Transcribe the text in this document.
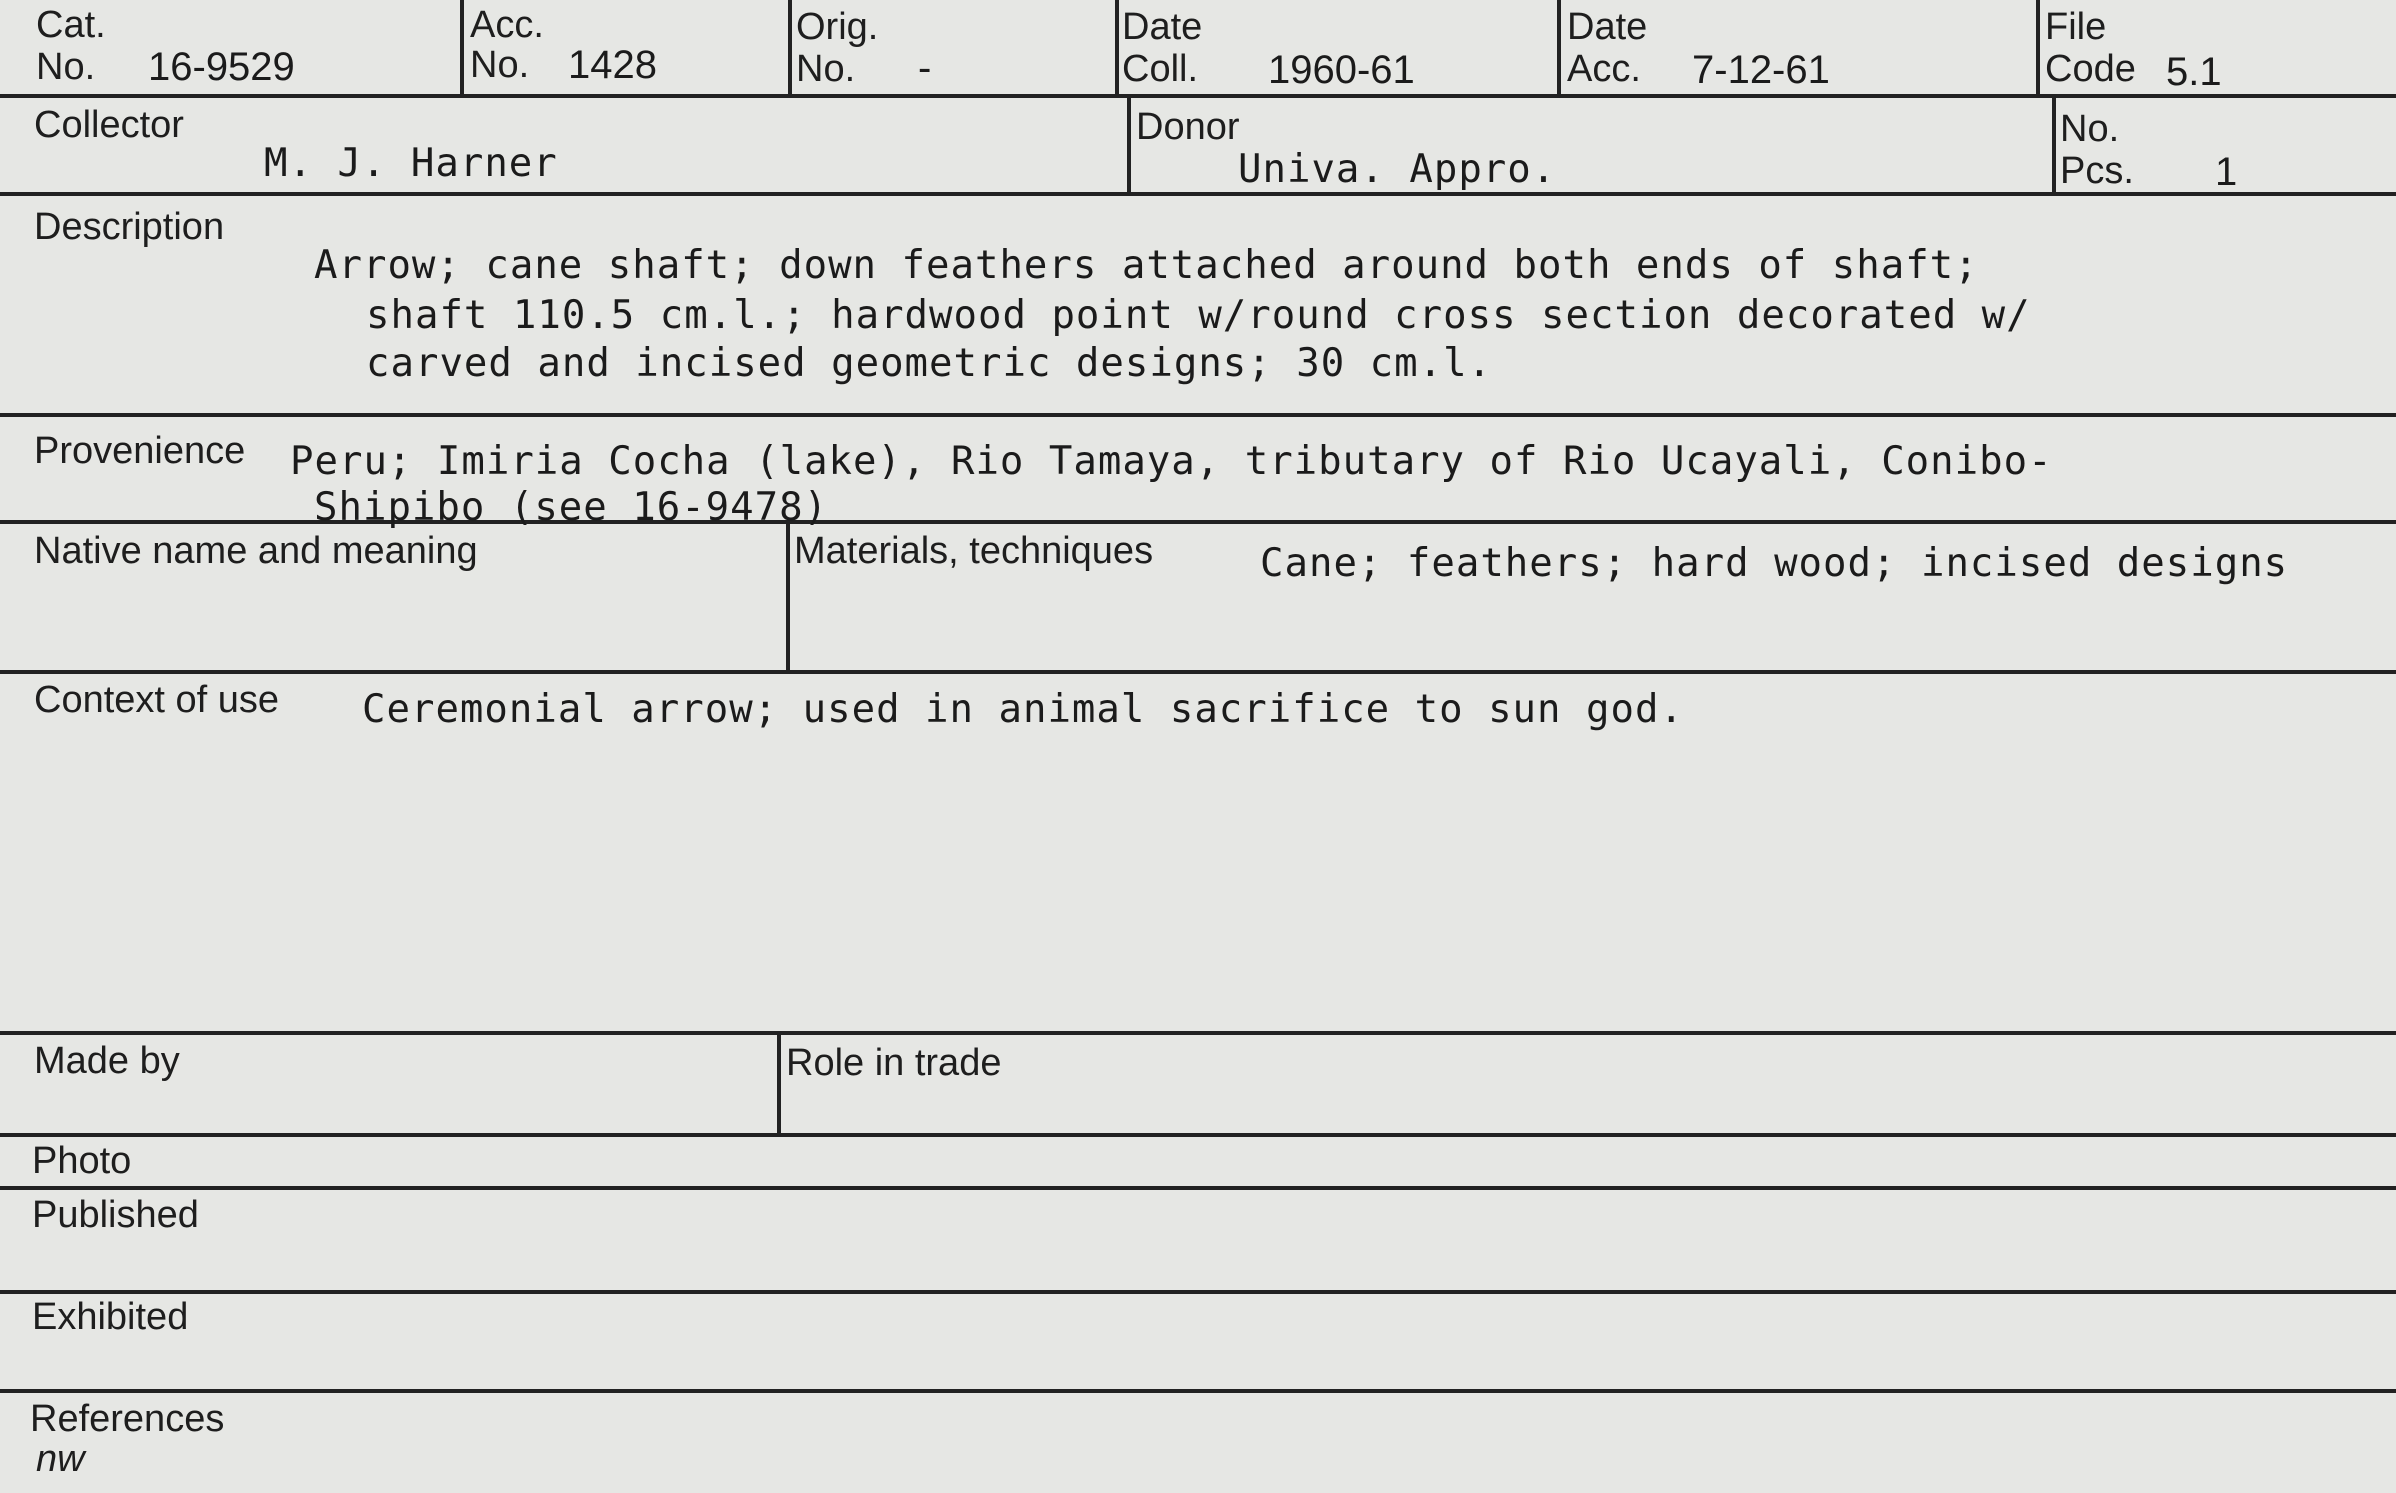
Cat.
No. 16-9529
Acc.
No. 1428
Orig.
No. -
Date
Coll. 1960-61
Date
Acc. 7-12-61
File
Code 5.1
Collector
M. J. Harner
Donor
Univa. Appro.
No.
Pcs. 1
Description
Arrow; cane shaft; down feathers attached around both ends of shaft;
shaft 110.5 cm.l.; hardwood point w/round cross section decorated w/
carved and incised geometric designs; 30 cm.l.
Provenience Peru; Imiria Cocha (lake), Rio Tamaya, tributary of Rio Ucayali, Conibo-
Shipibo (see 16-9478)
Native name and meaning	Materials, techniques	Cane; feathers; hard wood; incised designs
Context of use Ceremonial arrow; used in animal sacrifice to sun god.
Made by	Role in trade
Photo
Published
Exhibited
References
nw
